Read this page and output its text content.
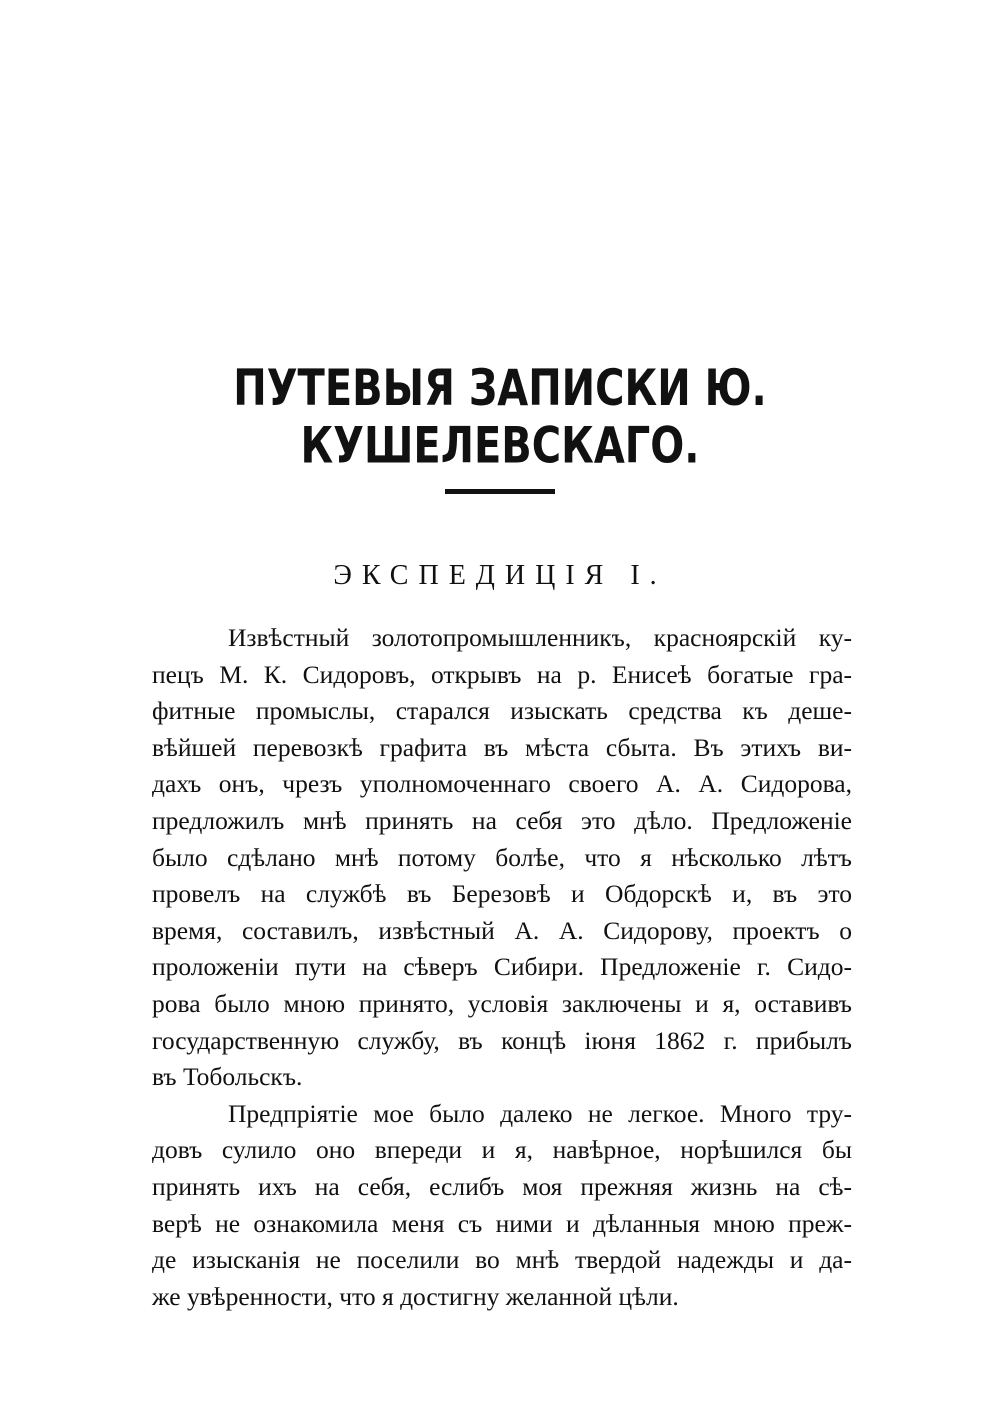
ПУТЕВЫЯ ЗАПИСКИ Ю. КУШЕЛЕВСКАГО.
ЭКСПЕДИЦІЯ I.
Извѣстный золотопромышленникъ, красноярскій ку-
пецъ М. К. Сидоровъ, открывъ на р. Енисеѣ богатые гра-
фитные промыслы, старался изыскать средства къ деше-
вѣйшей перевозкѣ графита въ мѣста сбыта. Въ этихъ ви-
дахъ онъ, чрезъ уполномоченнаго своего А. А. Сидорова,
предложилъ мнѣ принять на себя это дѣло. Предложеніе
было сдѣлано мнѣ потому болѣе, что я нѣсколько лѣтъ
провелъ на службѣ въ Березовѣ и Обдорскѣ и, въ это
время, составилъ, извѣстный А. А. Сидорову, проектъ о
проложеніи пути на сѣверъ Сибири. Предложеніе г. Сидо-
рова было мною принято, условія заключены и я, оставивъ
государственную службу, въ концѣ іюня 1862 г. прибылъ
въ Тобольскъ.
Предпріятіе мое было далеко не легкое. Много тру-
довъ сулило оно впереди и я, навѣрное, норѣшился бы
принять ихъ на себя, еслибъ моя прежняя жизнь на сѣ-
верѣ не ознакомила меня съ ними и дѣланныя мною преж-
де изысканія не поселили во мнѣ твердой надежды и да-
же увѣренности, что я достигну желанной цѣли.
